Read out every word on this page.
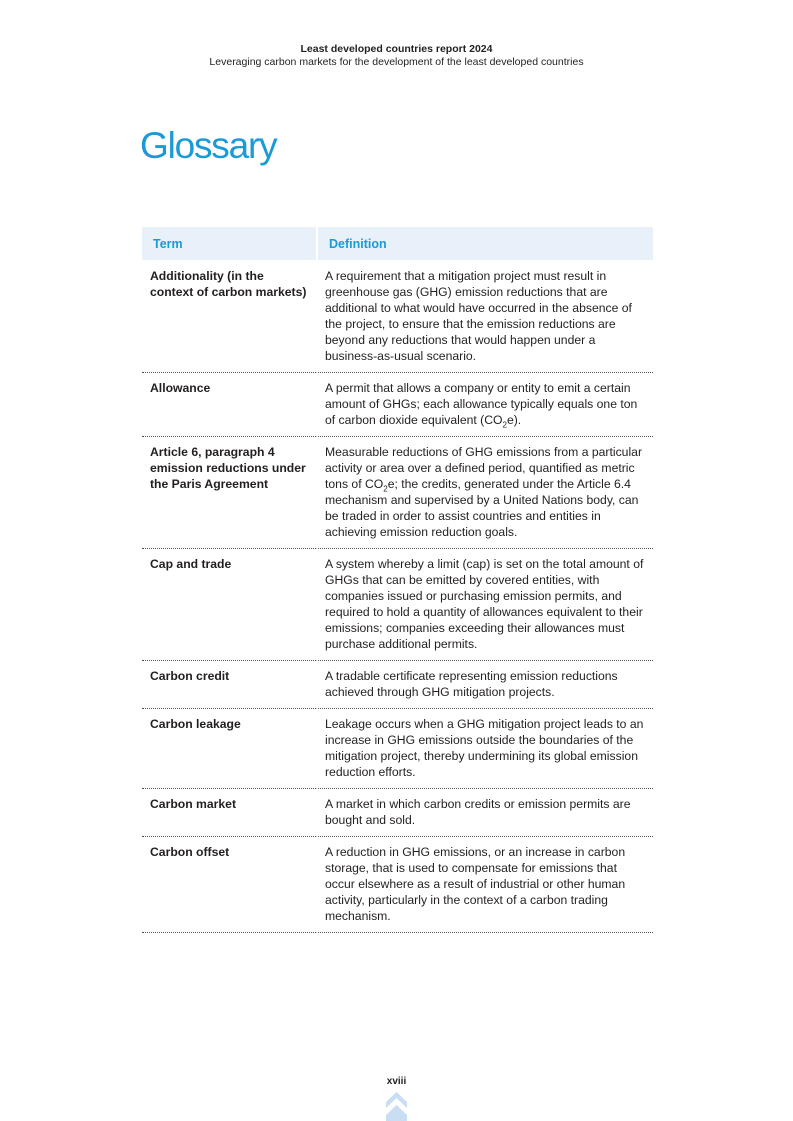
Least developed countries report 2024
Leveraging carbon markets for the development of the least developed countries
Glossary
Term	Definition
Additionality (in the context of carbon markets)	A requirement that a mitigation project must result in greenhouse gas (GHG) emission reductions that are additional to what would have occurred in the absence of the project, to ensure that the emission reductions are beyond any reductions that would happen under a business-as-usual scenario.
Allowance	A permit that allows a company or entity to emit a certain amount of GHGs; each allowance typically equals one ton of carbon dioxide equivalent $(CO_2e)$.
Article 6, paragraph 4 emission reductions under the Paris Agreement	Measurable reductions of GHG emissions from a particular activity or area over a defined period, quantified as metric tons of $CO_2e$; the credits, generated under the Article 6.4 mechanism and supervised by a United Nations body, can be traded in order to assist countries and entities in achieving emission reduction goals.
Cap and trade	A system whereby a limit (cap) is set on the total amount of GHGs that can be emitted by covered entities, with companies issued or purchasing emission permits, and required to hold a quantity of allowances equivalent to their emissions; companies exceeding their allowances must purchase additional permits.
Carbon credit	A tradable certificate representing emission reductions achieved through GHG mitigation projects.
Carbon leakage	Leakage occurs when a GHG mitigation project leads to an increase in GHG emissions outside the boundaries of the mitigation project, thereby undermining its global emission reduction efforts.
Carbon market	A market in which carbon credits or emission permits are bought and sold.
Carbon offset	A reduction in GHG emissions, or an increase in carbon storage, that is used to compensate for emissions that occur elsewhere as a result of industrial or other human activity, particularly in the context of a carbon trading mechanism.
xviii
